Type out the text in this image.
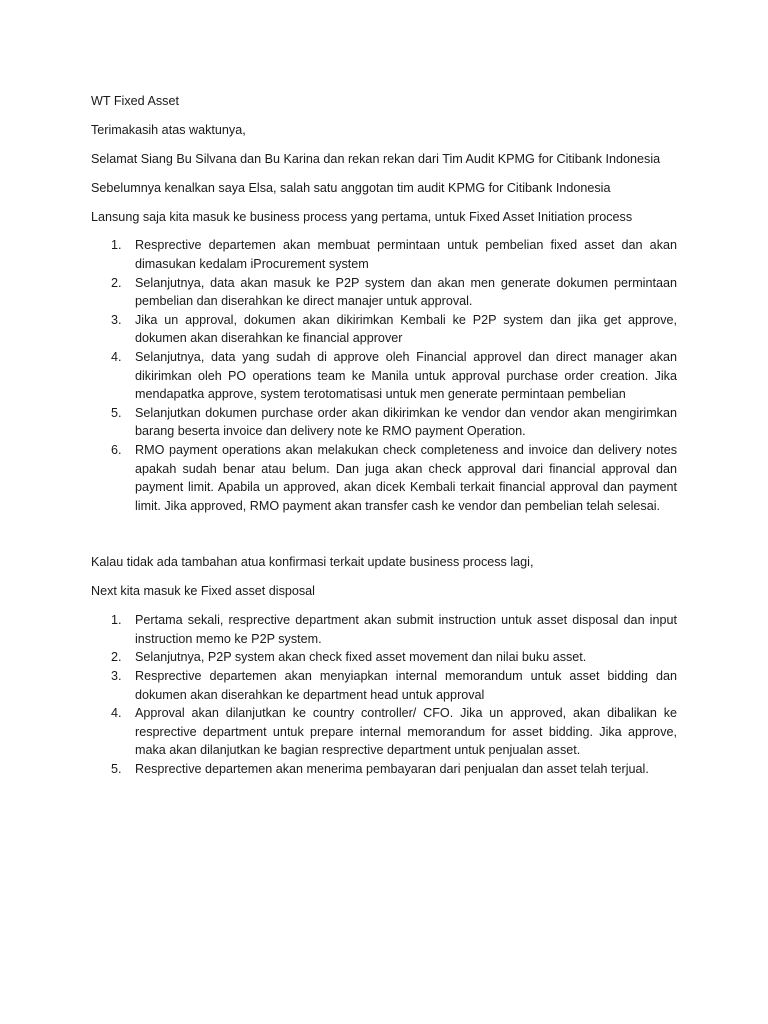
WT Fixed Asset

Terimakasih atas waktunya,

Selamat Siang Bu Silvana dan Bu Karina dan rekan rekan dari Tim Audit KPMG for Citibank Indonesia

Sebelumnya kenalkan saya Elsa, salah satu anggotan tim audit KPMG for Citibank Indonesia

Lansung saja kita masuk ke business process yang pertama, untuk Fixed Asset Initiation process

1. Resprective departemen akan membuat permintaan untuk pembelian fixed asset dan akan dimasukan kedalam iProcurement system
2. Selanjutnya, data akan masuk ke P2P system dan akan men generate dokumen permintaan pembelian dan diserahkan ke direct manajer untuk approval.
3. Jika un approval, dokumen akan dikirimkan Kembali ke P2P system dan jika get approve, dokumen akan diserahkan ke financial approver
4. Selanjutnya, data yang sudah di approve oleh Financial approvel dan direct manager akan dikirimkan oleh PO operations team ke Manila untuk approval purchase order creation. Jika mendapatka approve, system terotomatisasi untuk men generate permintaan pembelian
5. Selanjutkan dokumen purchase order akan dikirimkan ke vendor dan vendor akan mengirimkan barang beserta invoice dan delivery note ke RMO payment Operation.
6. RMO payment operations akan melakukan check completeness and invoice dan delivery notes apakah sudah benar atau belum. Dan juga akan check approval dari financial approval dan payment limit. Apabila un approved, akan dicek Kembali terkait financial approval dan payment limit. Jika approved, RMO payment akan transfer cash ke vendor dan pembelian telah selesai.

Kalau tidak ada tambahan atua konfirmasi terkait update business process lagi,

Next kita masuk ke Fixed asset disposal

1. Pertama sekali, resprective department akan submit instruction untuk asset disposal dan input instruction memo ke P2P system.
2. Selanjutnya, P2P system akan check fixed asset movement dan nilai buku asset.
3. Resprective departemen akan menyiapkan internal memorandum untuk asset bidding dan dokumen akan diserahkan ke department head untuk approval
4. Approval akan dilanjutkan ke country controller/ CFO. Jika un approved, akan dibalikan ke resprective department untuk prepare internal memorandum for asset bidding. Jika approve, maka akan dilanjutkan ke bagian resprective department untuk penjualan asset.
5. Resprective departemen akan menerima pembayaran dari penjualan dan asset telah terjual.
